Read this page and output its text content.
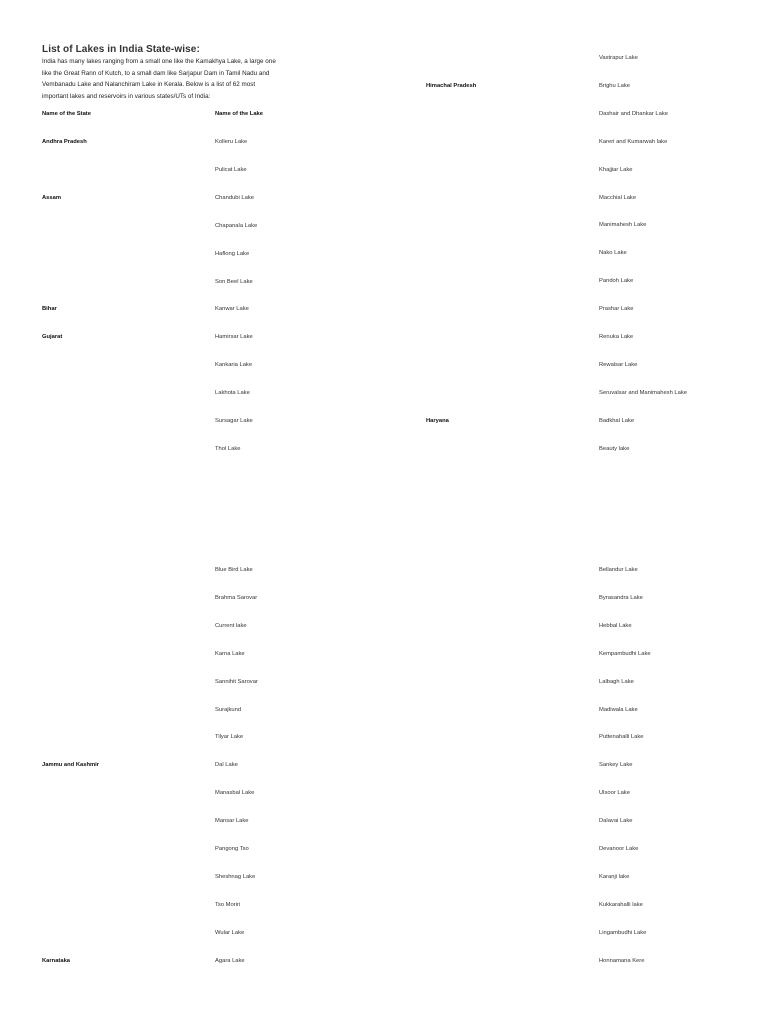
List of Lakes in India State-wise:

India has many lakes ranging from a small one like the Kamakhya Lake, a large one
like the Great Rann of Kutch, to a small dam like Sarjapur Dam in Tamil Nadu and
Vembanadu Lake and Nalanchiram Lake in Kerala. Below is a list of 62 most
important lakes and reservoirs in various states/UTs of India:

Name of the State	Name of the Lake
Andhra Pradesh	Kolleru Lake
Pulicat Lake
Assam	Chandubi Lake
Chapanala Lake
Haflong Lake
Son Beel Lake
Bihar	Kanwar Lake
Gujarat	Hamirsar Lake
Kankaria Lake
Lakhota Lake
Sursagar Lake
Thol Lake
Vastrapur Lake
Himachal Pradesh	Brighu Lake
Dashair and Dhankar Lake
Kareri and Kumarwah lake
Khajjiar Lake
Macchial Lake
Manimahesh Lake
Nako Lake
Pandoh Lake
Prashar Lake
Renuka Lake
Rewalsar Lake
Seruvalsar and Manimahesh Lake
Haryana	Badkhal Lake
Beauty lake
Blue Bird Lake
Brahma Sarovar
Current lake
Karna Lake
Sannihit Sarovar
Surajkund
Tilyar Lake
Jammu and Kashmir	Dal Lake
Manasbal Lake
Mansar Lake
Pangong Tso
Sheshnag Lake
Tso Moriri
Wular Lake
Karnataka	Agara Lake
Bellandur Lake
Byrasandra Lake
Hebbal Lake
Kempambudhi Lake
Lalbagh Lake
Madiwala Lake
Puttenahalli Lake
Sankey Lake
Ulsoor Lake
Dalavai Lake
Devanoor Lake
Karanji lake
Kukkarahalli lake
Lingambudhi Lake
Honnamana Kere
